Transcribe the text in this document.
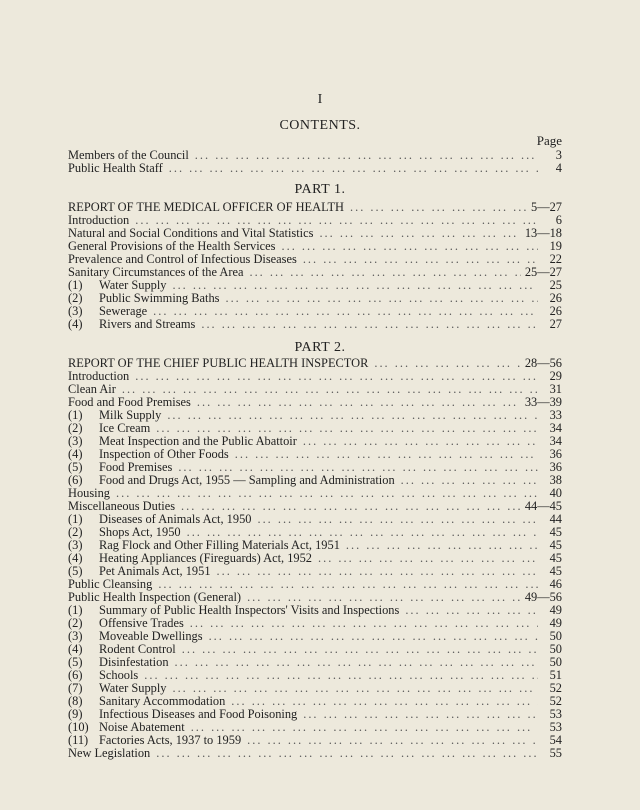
I
CONTENTS.
Page
Members of the Council ... .	3
Public Health Staff ... .	4
PART 1.
REPORT OF THE MEDICAL OFFICER OF HEALTH ... .	5—27
Introduction ... .	6
Natural and Social Conditions and Vital Statistics ... .	13—18
General Provisions of the Health Services ... .	19
Prevalence and Control of Infectious Diseases ... .	22
Sanitary Circumstances of the Area ... .	25—27
(1)	Water Supply ... .	25
(2)	Public Swimming Baths ... .	26
(3)	Sewerage ... .	26
(4)	Rivers and Streams ... .	27
PART 2.
REPORT OF THE CHIEF PUBLIC HEALTH INSPECTOR ... .	28—56
Introduction ... .	29
Clean Air ... .	31
Food and Food Premises ... .	33—39
(1)	Milk Supply ... .	33
(2)	Ice Cream ... .	34
(3)	Meat Inspection and the Public Abattoir ... .	34
(4)	Inspection of Other Foods ... .	36
(5)	Food Premises ... .	36
(6)	Food and Drugs Act, 1955 — Sampling and Administration ... .	38
Housing ... .	40
Miscellaneous Duties ... .	44—45
(1)	Diseases of Animals Act, 1950 ... .	44
(2)	Shops Act, 1950 ... .	45
(3)	Rag Flock and Other Filling Materials Act, 1951 ... .	45
(4)	Heating Appliances (Fireguards) Act, 1952 ... .	45
(5)	Pet Animals Act, 1951 ... .	45
Public Cleansing ... .	46
Public Health Inspection (General) ... .	49—56
(1)	Summary of Public Health Inspectors' Visits and Inspections ... .	49
(2)	Offensive Trades ... .	49
(3)	Moveable Dwellings ... .	50
(4)	Rodent Control ... .	50
(5)	Disinfestation ... .	50
(6)	Schools ... .	51
(7)	Water Supply ... .	52
(8)	Sanitary Accommodation ... .	52
(9)	Infectious Diseases and Food Poisoning ... .	53
(10) Noise Abatement ... .	53
(11) Factories Acts, 1937 to 1959 ... .	54
New Legislation ... .	55
